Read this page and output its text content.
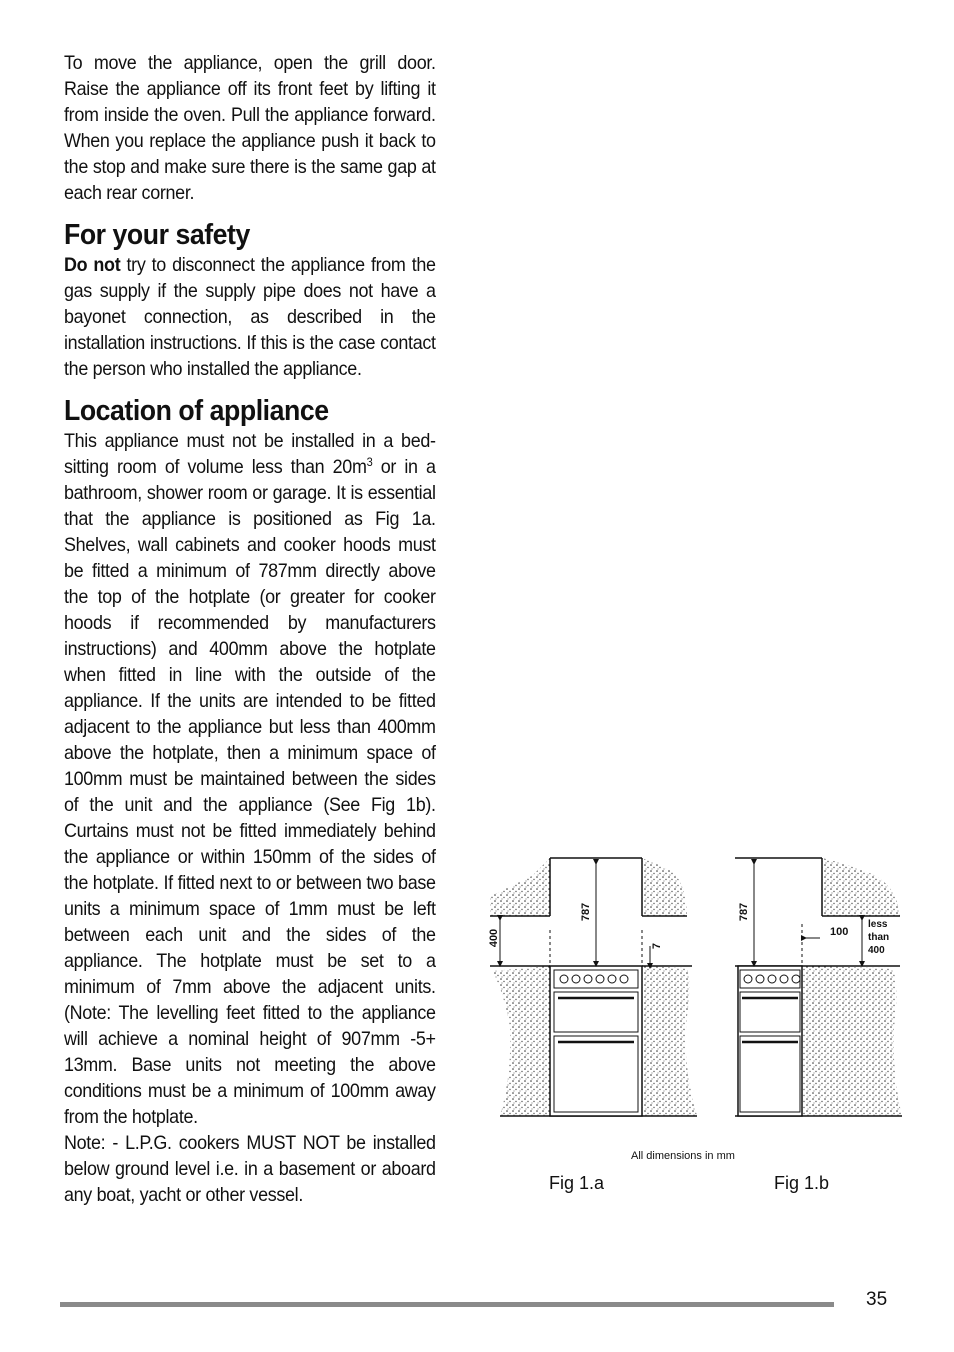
To move the appliance, open the grill door. Raise the appliance off its front feet by lifting it from inside the oven. Pull the appliance forward. When you replace the appliance push it back to the stop and make sure there is the same gap at each rear corner.

For your safety

Do not try to disconnect the appliance from the gas supply if the supply pipe does not have a bayonet connection, as described in the installation instructions. If this is the case contact the person who installed the appliance.

Location of appliance

This appliance must not be installed in a bed-sitting room of volume less than $20m^3$ or in a bathroom, shower room or garage. It is essential that the appliance is positioned as Fig 1a. Shelves, wall cabinets and cooker hoods must be fitted a minimum of 787mm directly above the top of the hotplate (or greater for cooker hoods if recommended by manufacturers instructions) and 400mm above the hotplate when fitted in line with the outside of the appliance. If the units are intended to be fitted adjacent to the appliance but less than 400mm above the hotplate, then a minimum space of 100mm must be maintained between the sides of the unit and the appliance (See Fig 1b). Curtains must not be fitted immediately behind the appliance or within 150mm of the sides of the hotplate. If fitted next to or between two base units a minimum space of 1mm must be left between each unit and the sides of the appliance. The hotplate must be set to a minimum of 7mm above the adjacent units. (Note: The levelling feet fitted to the appliance will achieve a nominal height of 907mm -5+ 13mm. Base units not meeting the above conditions must be a minimum of 100mm away from the hotplate.

Note: - L.P.G. cookers MUST NOT be installed below ground level i.e. in a basement or aboard any boat, yacht or other vessel.

787
400	7
787
100
less
than
400
All dimensions in mm
Fig 1.a	Fig 1.b
35
